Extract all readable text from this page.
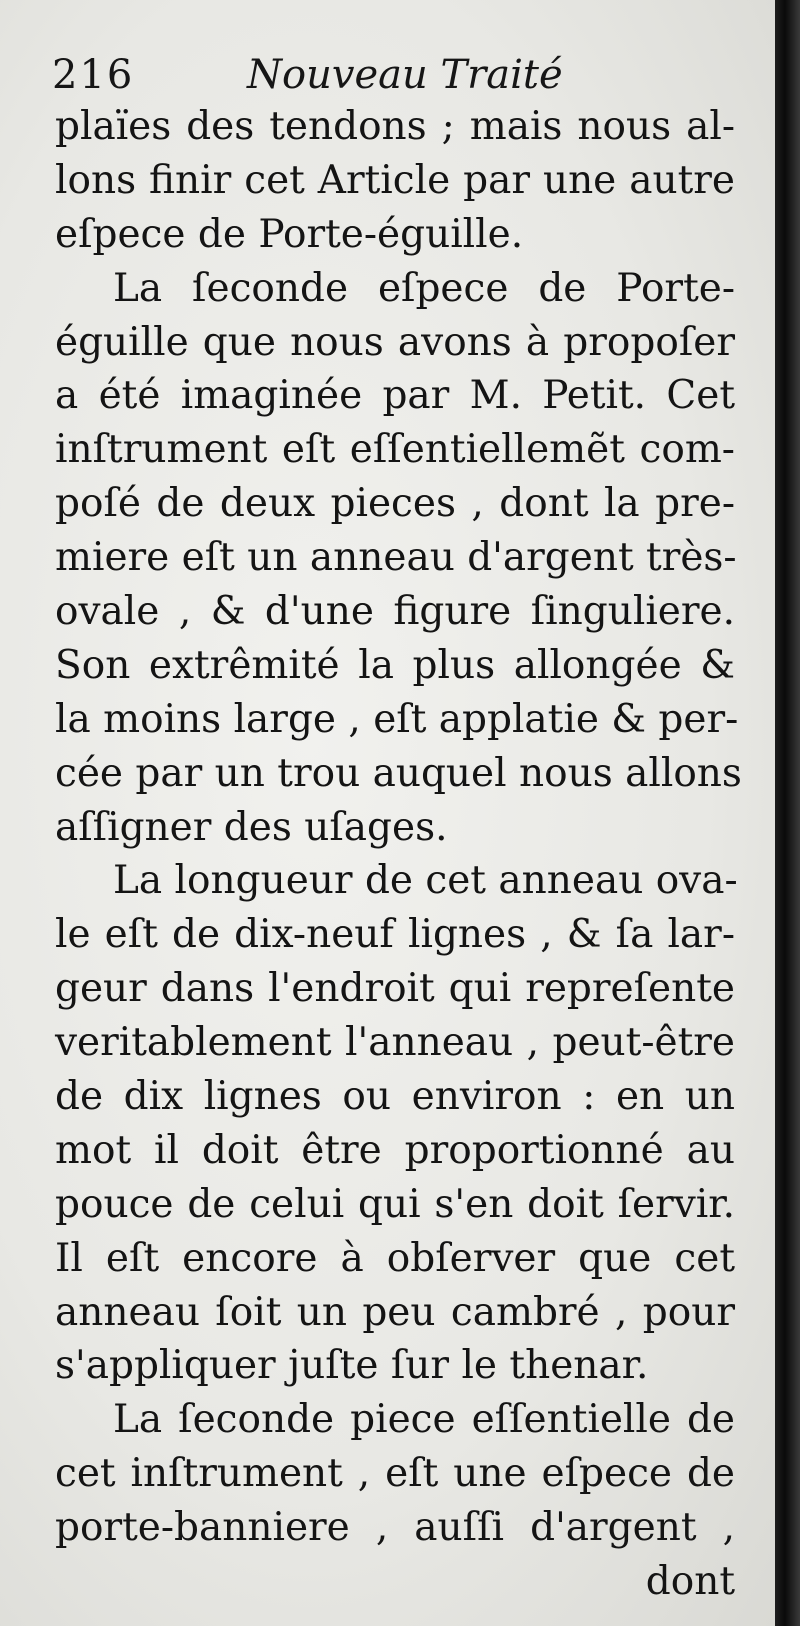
216	Nouveau Traité
plaïes des tendons ; mais nous al-
lons finir cet Article par une autre
eſpece de Porte-éguille.
La ſeconde eſpece de Porte-
éguille que nous avons à propoſer
a été imaginée par M. Petit. Cet
inſtrument eſt eſſentiellemẽt com-
poſé de deux pieces , dont la pre-
miere eſt un anneau d'argent très-
ovale , & d'une figure ſinguliere.
Son extrêmité la plus allongée &
la moins large , eſt applatie & per-
cée par un trou auquel nous allons
aſſigner des uſages.
La longueur de cet anneau ova-
le eſt de dix-neuf lignes , & ſa lar-
geur dans l'endroit qui repreſente
veritablement l'anneau , peut-être
de dix lignes ou environ : en un
mot il doit être proportionné au
pouce de celui qui s'en doit ſervir.
Il eſt encore à obſerver que cet
anneau ſoit un peu cambré , pour
s'appliquer juſte ſur le thenar.
La ſeconde piece eſſentielle de
cet inſtrument , eſt une eſpece de
porte-banniere , auſſi d'argent ,
dont
